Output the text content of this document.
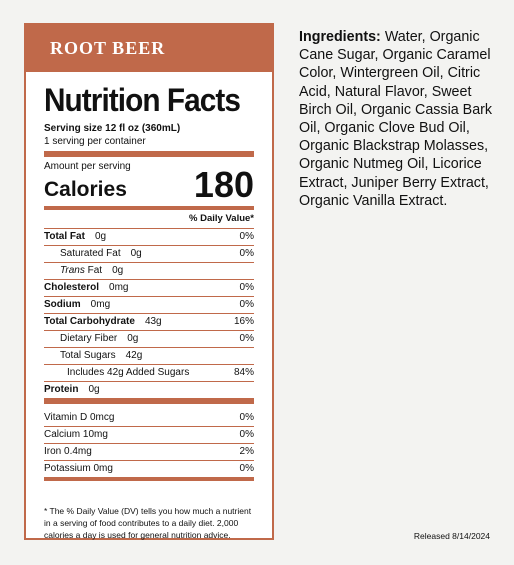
ROOT BEER
Nutrition Facts
Serving size 12 fl oz (360mL)
1 serving per container
Amount per serving
Calories 180
% Daily Value*
Total Fat 0g	0%
Saturated Fat 0g	0%
Trans Fat 0g
Cholesterol 0mg	0%
Sodium 0mg	0%
Total Carbohydrate 43g	16%
Dietary Fiber 0g	0%
Total Sugars 42g
Includes 42g Added Sugars	84%
Protein 0g
Vitamin D 0mcg	0%
Calcium 10mg	0%
Iron 0.4mg	2%
Potassium 0mg	0%
* The % Daily Value (DV) tells you how much a nutrient in a serving of food contributes to a daily diet. 2,000 calories a day is used for general nutrition advice.
Ingredients: Water, Organic Cane Sugar, Organic Caramel Color, Wintergreen Oil, Citric Acid, Natural Flavor, Sweet Birch Oil, Organic Cassia Bark Oil, Organic Clove Bud Oil, Organic Blackstrap Molasses, Organic Nutmeg Oil, Licorice Extract, Juniper Berry Extract, Organic Vanilla Extract.
Released 8/14/2024
